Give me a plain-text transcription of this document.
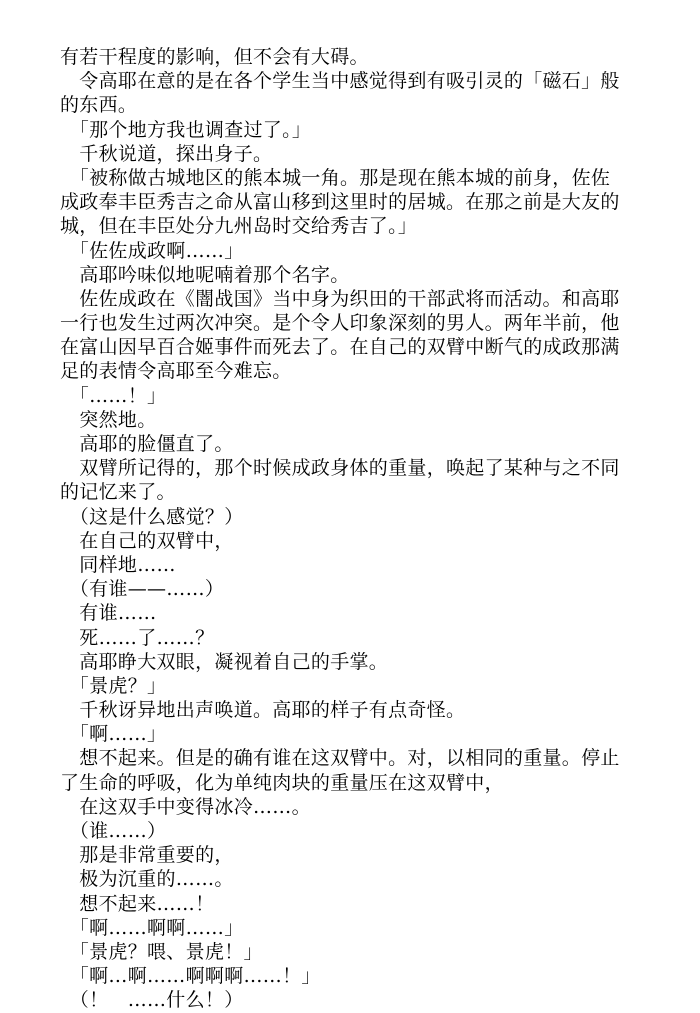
有若干程度的影响，但不会有大碍。
　令高耶在意的是在各个学生当中感觉得到有吸引灵的「磁石」般
的东西。
　「那个地方我也调查过了。」
　千秋说道，探出身子。
　「被称做古城地区的熊本城一角。那是现在熊本城的前身，佐佐
成政奉丰臣秀吉之命从富山移到这里时的居城。在那之前是大友的
城，但在丰臣处分九州岛时交给秀吉了。」
　「佐佐成政啊……」
　高耶吟味似地呢喃着那个名字。
　佐佐成政在《闇战国》当中身为织田的干部武将而活动。和高耶
一行也发生过两次冲突。是个令人印象深刻的男人。两年半前，他
在富山因早百合姬事件而死去了。在自己的双臂中断气的成政那满
足的表情令高耶至今难忘。
　「……！」
　突然地。
　高耶的脸僵直了。
　双臂所记得的，那个时候成政身体的重量，唤起了某种与之不同
的记忆来了。
　（这是什么感觉？）
　在自己的双臂中，
　同样地……
　（有谁——……）
　有谁……
　死……了……？
　高耶睁大双眼，凝视着自己的手掌。
　「景虎？」
　千秋讶异地出声唤道。高耶的样子有点奇怪。
　「啊……」
　想不起来。但是的确有谁在这双臂中。对，以相同的重量。停止
了生命的呼吸，化为单纯肉块的重量压在这双臂中，
　在这双手中变得冰冷……。
　（谁……）
　那是非常重要的，
　极为沉重的……。
　想不起来……！
　「啊……啊啊……」
　「景虎？喂、景虎！」
　「啊…啊……啊啊啊……！」
　（！　……什么！）
